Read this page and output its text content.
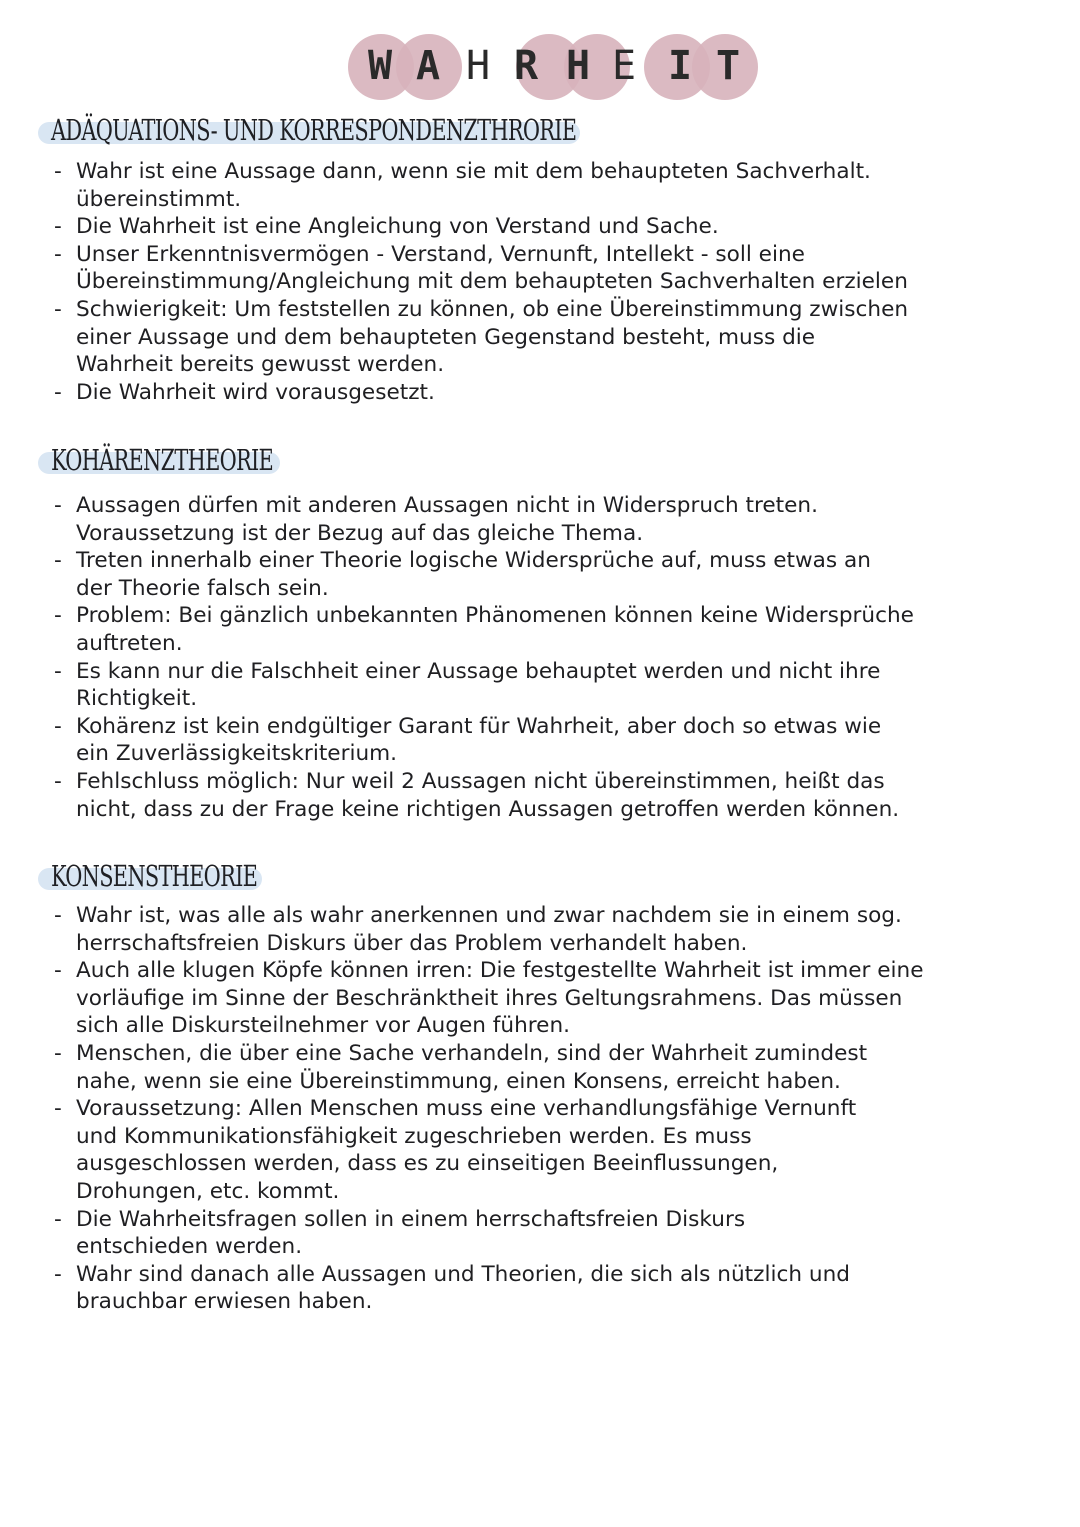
W A H R H E I T
ADÄQUATIONS- UND KORRESPONDENZTHRORIE
- Wahr ist eine Aussage dann, wenn sie mit dem behaupteten Sachverhalt.
übereinstimmt.
- Die Wahrheit ist eine Angleichung von Verstand und Sache.
- Unser Erkenntnisvermögen - Verstand, Vernunft, Intellekt - soll eine
Übereinstimmung/Angleichung mit dem behaupteten Sachverhalten erzielen
- Schwierigkeit: Um feststellen zu können, ob eine Übereinstimmung zwischen
einer Aussage und dem behaupteten Gegenstand besteht, muss die
Wahrheit bereits gewusst werden.
- Die Wahrheit wird vorausgesetzt.
KOHÄRENZTHEORIE
- Aussagen dürfen mit anderen Aussagen nicht in Widerspruch treten.
Voraussetzung ist der Bezug auf das gleiche Thema.
- Treten innerhalb einer Theorie logische Widersprüche auf, muss etwas an
der Theorie falsch sein.
- Problem: Bei gänzlich unbekannten Phänomenen können keine Widersprüche
auftreten.
- Es kann nur die Falschheit einer Aussage behauptet werden und nicht ihre
Richtigkeit.
- Kohärenz ist kein endgültiger Garant für Wahrheit, aber doch so etwas wie
ein Zuverlässigkeitskriterium.
- Fehlschluss möglich: Nur weil 2 Aussagen nicht übereinstimmen, heißt das
nicht, dass zu der Frage keine richtigen Aussagen getroffen werden können.
KONSENSTHEORIE
- Wahr ist, was alle als wahr anerkennen und zwar nachdem sie in einem sog.
herrschaftsfreien Diskurs über das Problem verhandelt haben.
- Auch alle klugen Köpfe können irren: Die festgestellte Wahrheit ist immer eine
vorläufige im Sinne der Beschränktheit ihres Geltungsrahmens. Das müssen
sich alle Diskursteilnehmer vor Augen führen.
- Menschen, die über eine Sache verhandeln, sind der Wahrheit zumindest
nahe, wenn sie eine Übereinstimmung, einen Konsens, erreicht haben.
- Voraussetzung: Allen Menschen muss eine verhandlungsfähige Vernunft
und Kommunikationsfähigkeit zugeschrieben werden. Es muss
ausgeschlossen werden, dass es zu einseitigen Beeinflussungen,
Drohungen, etc. kommt.
- Die Wahrheitsfragen sollen in einem herrschaftsfreien Diskurs
entschieden werden.
- Wahr sind danach alle Aussagen und Theorien, die sich als nützlich und
brauchbar erwiesen haben.
